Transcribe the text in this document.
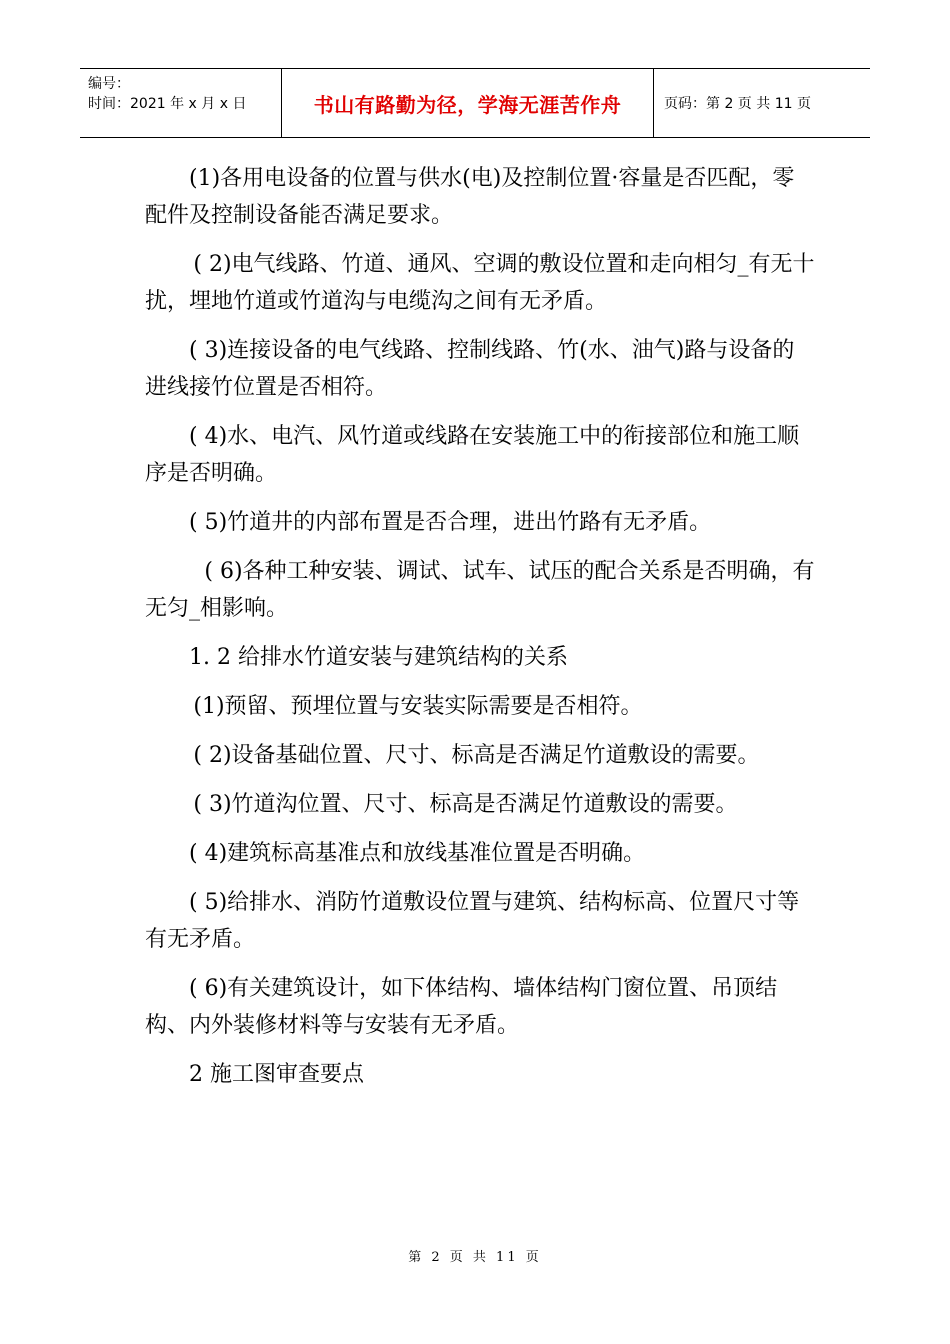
编号：
时间：2021 年 x 月 x 日	书山有路勤为径，学海无涯苦作舟	页码：第 2 页 共 11 页

(1)各用电设备的位置与供水(电)及控制位置·容量是否匹配，零配件及控制设备能否满足要求。

( 2)电气线路、竹道、通风、空调的敷设位置和走向相匀_有无十扰，埋地竹道或竹道沟与电缆沟之间有无矛盾。

( 3)连接设备的电气线路、控制线路、竹(水、油气)路与设备的进线接竹位置是否相符。

( 4)水、电汽、风竹道或线路在安装施工中的衔接部位和施工顺序是否明确。

( 5)竹道井的内部布置是否合理，进出竹路有无矛盾。

( 6)各种工种安装、调试、试车、试压的配合关系是否明确，有无匀_相影响。

1. 2 给排水竹道安装与建筑结构的关系

(1)预留、预埋位置与安装实际需要是否相符。

( 2)设备基础位置、尺寸、标高是否满足竹道敷设的需要。

( 3)竹道沟位置、尺寸、标高是否满足竹道敷设的需要。

( 4)建筑标高基准点和放线基准位置是否明确。

( 5)给排水、消防竹道敷设位置与建筑、结构标高、位置尺寸等有无矛盾。

( 6)有关建筑设计，如下体结构、墙体结构门窗位置、吊顶结构、内外装修材料等与安装有无矛盾。

2 施工图审查要点

第 2 页 共 11 页
